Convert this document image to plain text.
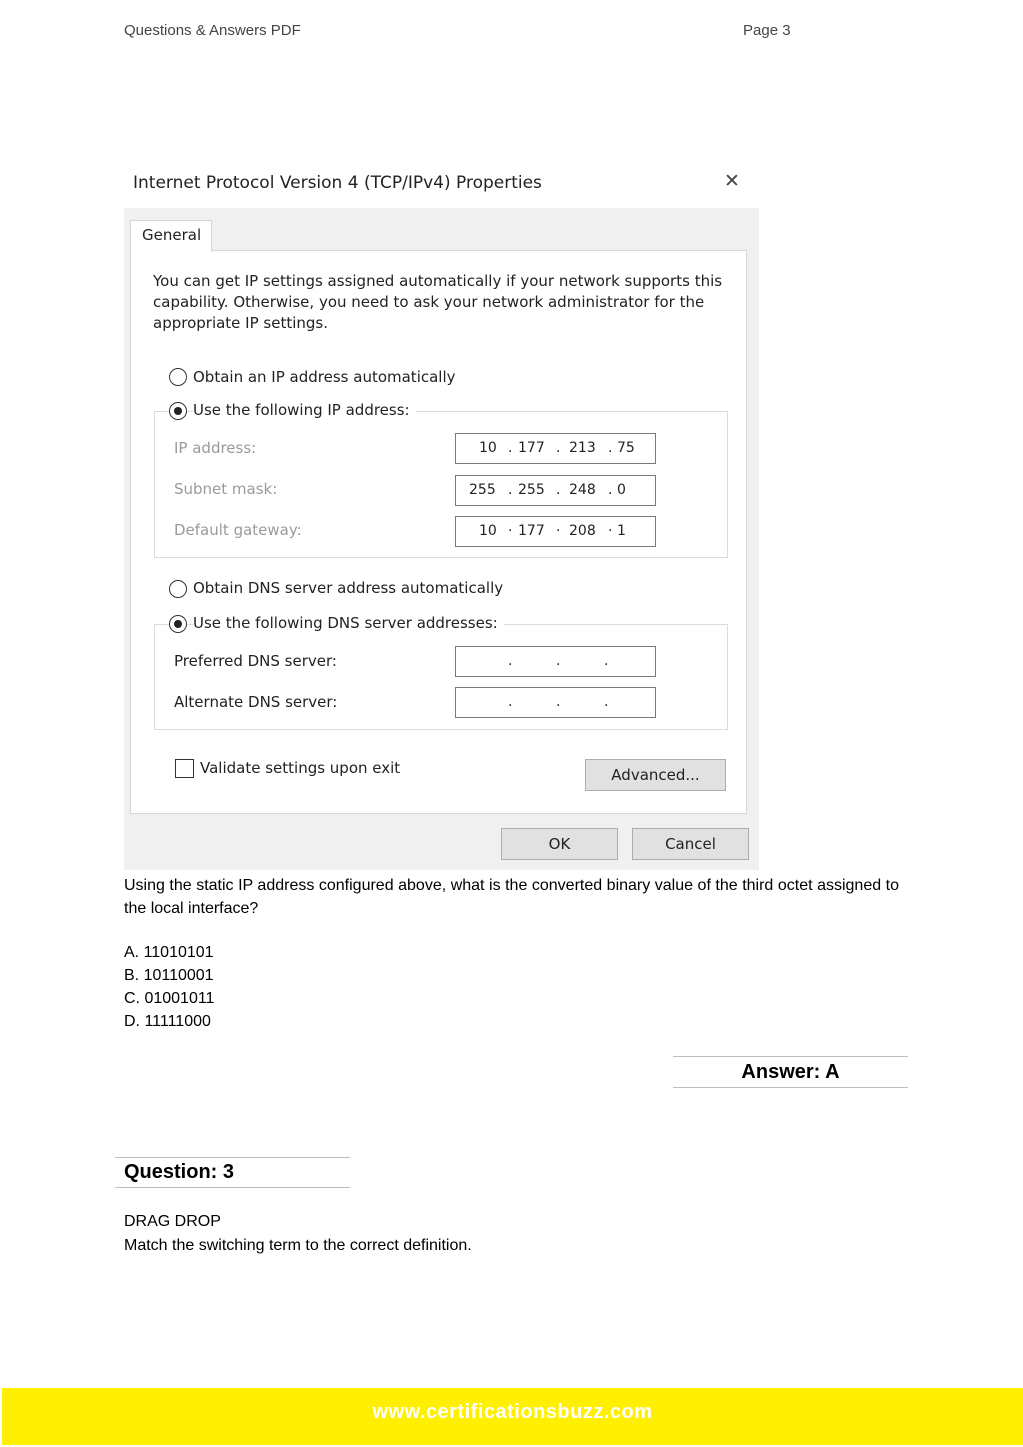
Questions & Answers PDF	Page 3
Internet Protocol Version 4 (TCP/IPv4) Properties	✕
General
You can get IP settings assigned automatically if your network supports this capability. Otherwise, you need to ask your network administrator for the appropriate IP settings.
Obtain an IP address automatically
Use the following IP address:
IP address:	10 . 177 . 213 . 75
Subnet mask:	255 . 255 . 248 . 0
Default gateway:	10 · 177 · 208 · 1
Obtain DNS server address automatically
Use the following DNS server addresses:
Preferred DNS server:	.	.	.
Alternate DNS server:	.	.	.
Validate settings upon exit	Advanced...
OK	Cancel
Using the static IP address configured above, what is the converted binary value of the third octet assigned to the local interface?
A. 11010101
B. 10110001
C. 01001011
D. 11111000
Answer: A
Question: 3
DRAG DROP
Match the switching term to the correct definition.
www.certificationsbuzz.com
